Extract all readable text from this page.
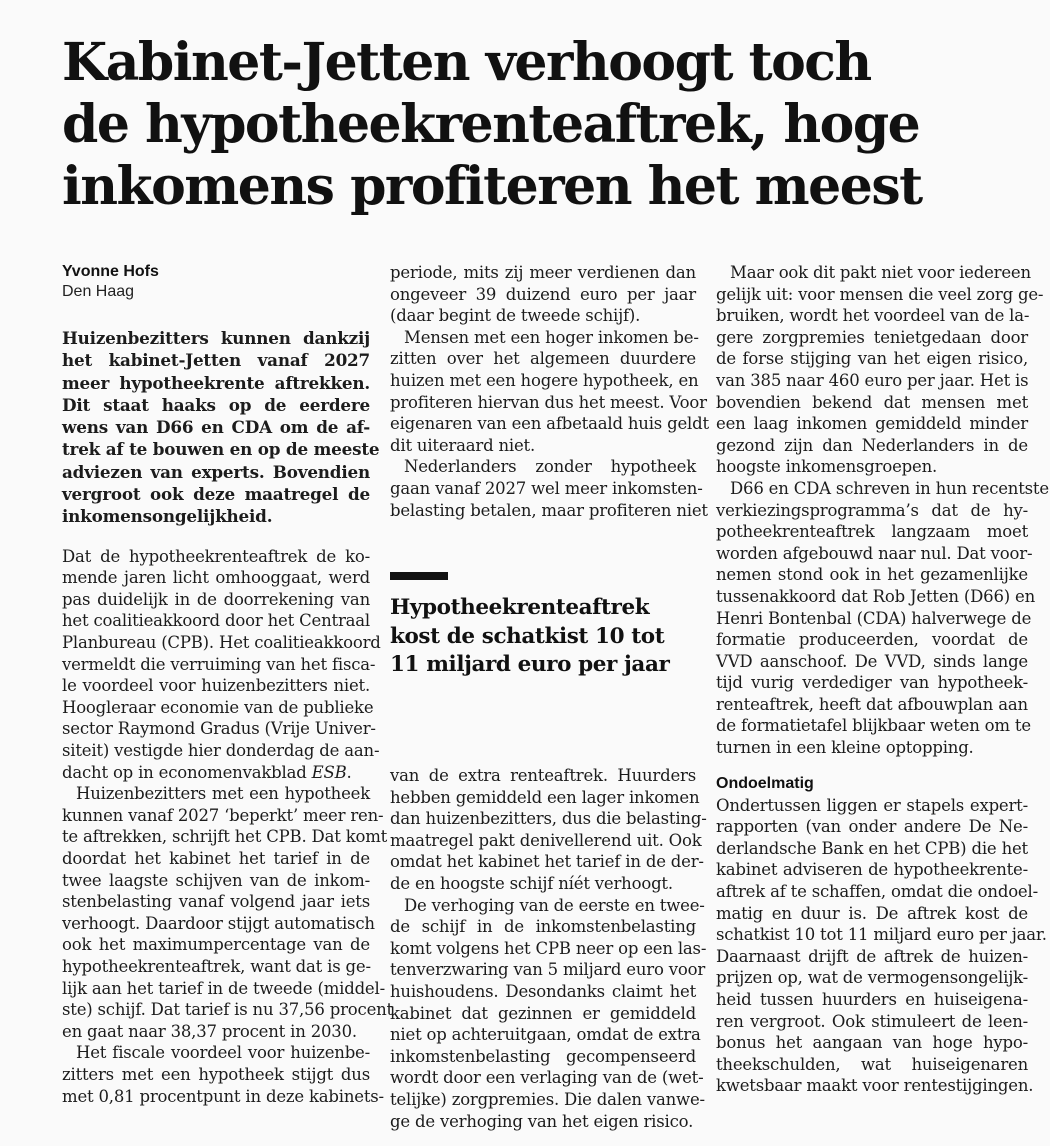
Kabinet-Jetten verhoogt toch
de hypotheekrenteaftrek, hoge
inkomens profiteren het meest
Yvonne Hofs
Den Haag
Huizenbezitters kunnen dankzij
het kabinet-Jetten vanaf 2027
meer hypotheekrente aftrekken.
Dit staat haaks op de eerdere
wens van D66 en CDA om de af-
trek af te bouwen en op de meeste
adviezen van experts. Bovendien
vergroot ook deze maatregel de
inkomensongelijkheid.
Dat de hypotheekrenteaftrek de ko-
mende jaren licht omhooggaat, werd
pas duidelijk in de doorrekening van
het coalitieakkoord door het Centraal
Planbureau (CPB). Het coalitieakkoord
vermeldt die verruiming van het fisca-
le voordeel voor huizenbezitters niet.
Hoogleraar economie van de publieke
sector Raymond Gradus (Vrije Univer-
siteit) vestigde hier donderdag de aan-
dacht op in economenvakblad ESB.
Huizenbezitters met een hypotheek
kunnen vanaf 2027 ‘beperkt’ meer ren-
te aftrekken, schrijft het CPB. Dat komt
doordat het kabinet het tarief in de
twee laagste schijven van de inkom-
stenbelasting vanaf volgend jaar iets
verhoogt. Daardoor stijgt automatisch
ook het maximumpercentage van de
hypotheekrenteaftrek, want dat is ge-
lijk aan het tarief in de tweede (middel-
ste) schijf. Dat tarief is nu 37,56 procent
en gaat naar 38,37 procent in 2030.
Het fiscale voordeel voor huizenbe-
zitters met een hypotheek stijgt dus
met 0,81 procentpunt in deze kabinets-
periode, mits zij meer verdienen dan
ongeveer 39 duizend euro per jaar
(daar begint de tweede schijf).
Mensen met een hoger inkomen be-
zitten over het algemeen duurdere
huizen met een hogere hypotheek, en
profiteren hiervan dus het meest. Voor
eigenaren van een afbetaald huis geldt
dit uiteraard niet.
Nederlanders zonder hypotheek
gaan vanaf 2027 wel meer inkomsten-
belasting betalen, maar profiteren niet
Hypotheekrenteaftrek
kost de schatkist 10 tot
11 miljard euro per jaar
van de extra renteaftrek. Huurders
hebben gemiddeld een lager inkomen
dan huizenbezitters, dus die belasting-
maatregel pakt denivellerend uit. Ook
omdat het kabinet het tarief in de der-
de en hoogste schijf níét verhoogt.
De verhoging van de eerste en twee-
de schijf in de inkomstenbelasting
komt volgens het CPB neer op een las-
tenverzwaring van 5 miljard euro voor
huishoudens. Desondanks claimt het
kabinet dat gezinnen er gemiddeld
niet op achteruitgaan, omdat de extra
inkomstenbelasting gecompenseerd
wordt door een verlaging van de (wet-
telijke) zorgpremies. Die dalen vanwe-
ge de verhoging van het eigen risico.
Maar ook dit pakt niet voor iedereen
gelijk uit: voor mensen die veel zorg ge-
bruiken, wordt het voordeel van de la-
gere zorgpremies tenietgedaan door
de forse stijging van het eigen risico,
van 385 naar 460 euro per jaar. Het is
bovendien bekend dat mensen met
een laag inkomen gemiddeld minder
gezond zijn dan Nederlanders in de
hoogste inkomensgroepen.
D66 en CDA schreven in hun recentste
verkiezingsprogramma’s dat de hy-
potheekrenteaftrek langzaam moet
worden afgebouwd naar nul. Dat voor-
nemen stond ook in het gezamenlijke
tussenakkoord dat Rob Jetten (D66) en
Henri Bontenbal (CDA) halverwege de
formatie produceerden, voordat de
VVD aanschoof. De VVD, sinds lange
tijd vurig verdediger van hypotheek-
renteaftrek, heeft dat afbouwplan aan
de formatietafel blijkbaar weten om te
turnen in een kleine optopping.
Ondoelmatig
Ondertussen liggen er stapels expert-
rapporten (van onder andere De Ne-
derlandsche Bank en het CPB) die het
kabinet adviseren de hypotheekrente-
aftrek af te schaffen, omdat die ondoel-
matig en duur is. De aftrek kost de
schatkist 10 tot 11 miljard euro per jaar.
Daarnaast drijft de aftrek de huizen-
prijzen op, wat de vermogensongelijk-
heid tussen huurders en huiseigena-
ren vergroot. Ook stimuleert de leen-
bonus het aangaan van hoge hypo-
theekschulden, wat huiseigenaren
kwetsbaar maakt voor rentestijgingen.
